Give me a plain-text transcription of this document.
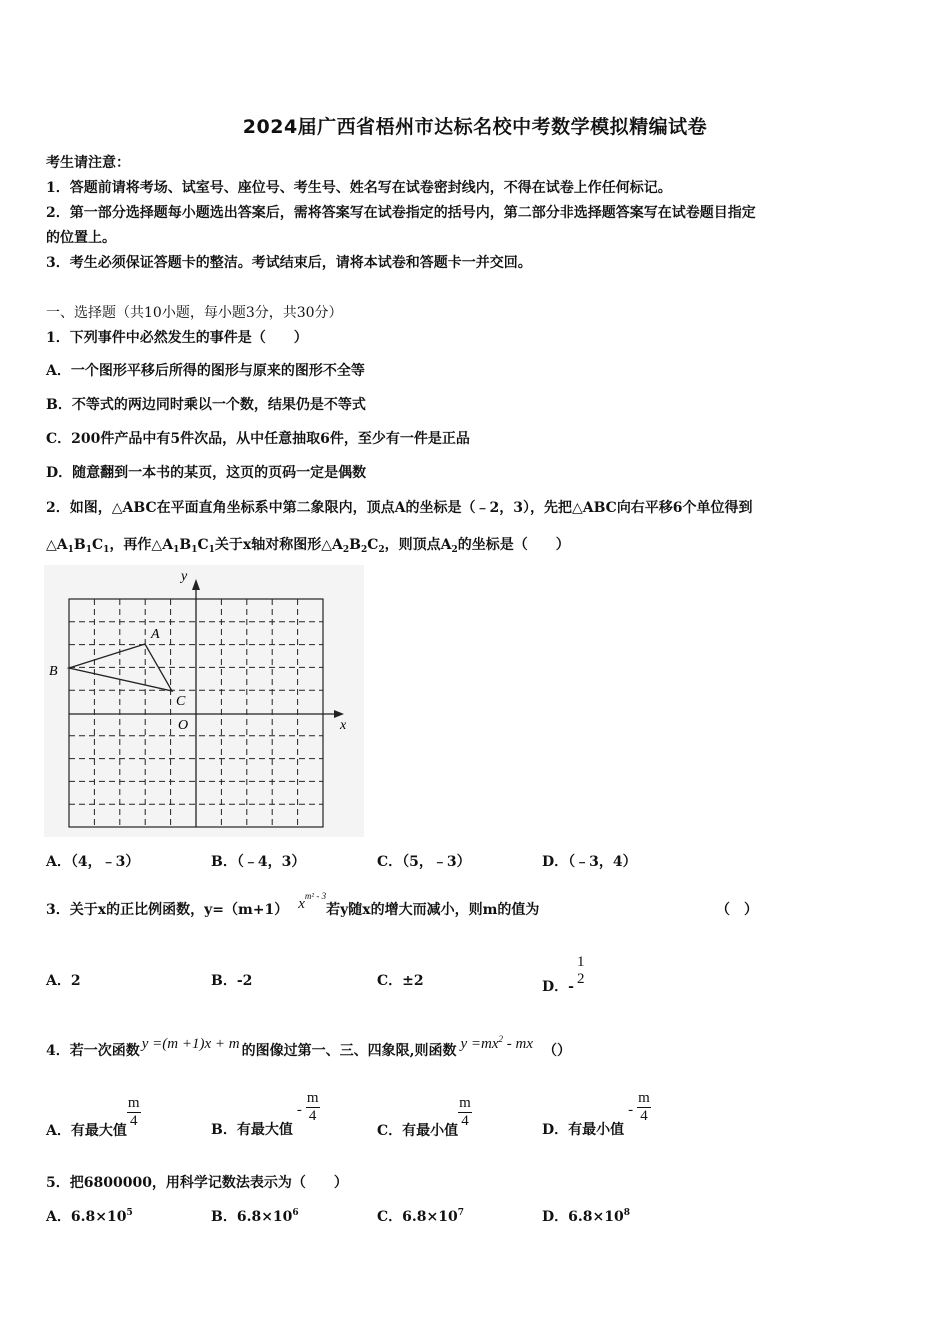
2024届广西省梧州市达标名校中考数学模拟精编试卷
考生请注意：
1．答题前请将考场、试室号、座位号、考生号、姓名写在试卷密封线内，不得在试卷上作任何标记。
2．第一部分选择题每小题选出答案后，需将答案写在试卷指定的括号内，第二部分非选择题答案写在试卷题目指定
的位置上。
3．考生必须保证答题卡的整洁。考试结束后，请将本试卷和答题卡一并交回。
一、选择题（共10小题，每小题3分，共30分）
1．下列事件中必然发生的事件是（　　）
A．一个图形平移后所得的图形与原来的图形不全等
B．不等式的两边同时乘以一个数，结果仍是不等式
C．200件产品中有5件次品，从中任意抽取6件，至少有一件是正品
D．随意翻到一本书的某页，这页的页码一定是偶数
2．如图，△ABC在平面直角坐标系中第二象限内，顶点A的坐标是（﹣2，3），先把△ABC向右平移6个单位得到
$\triangle A_1B_1C_1$，再作$\triangle A_1B_1C_1$关于x轴对称图形$\triangle A_2B_2C_2$，则顶点$A_2$的坐标是（　　）
y
x
O
A
B
C
A．（4，﹣3）	B．（﹣4，3）	C．（5，﹣3）	D．（﹣3，4）
3．关于x的正比例函数，y=（m+1） $x^{m^2 - 3}$若y随x的增大而减小，则m的值为	（　）
A．2	B．-2	C．±2	D．-
1
2
4．若一次函数 y =(m +1)x + m 的图像过第一、三、四象限,则函数 $y =mx^2$ - mx （）
A．有最大值
$\frac{m}{4}$	B．有最大值- $\frac{m}{4}$
C．有最小值
$\frac{m}{4}$	D．有最小值- $\frac{m}{4}$
5．把6800000，用科学记数法表示为（　　）
A．$6.8\times 10^5$	B．$6.8\times 10^6$	C．$6.8\times 10^7$	D．$6.8\times 10^8$
